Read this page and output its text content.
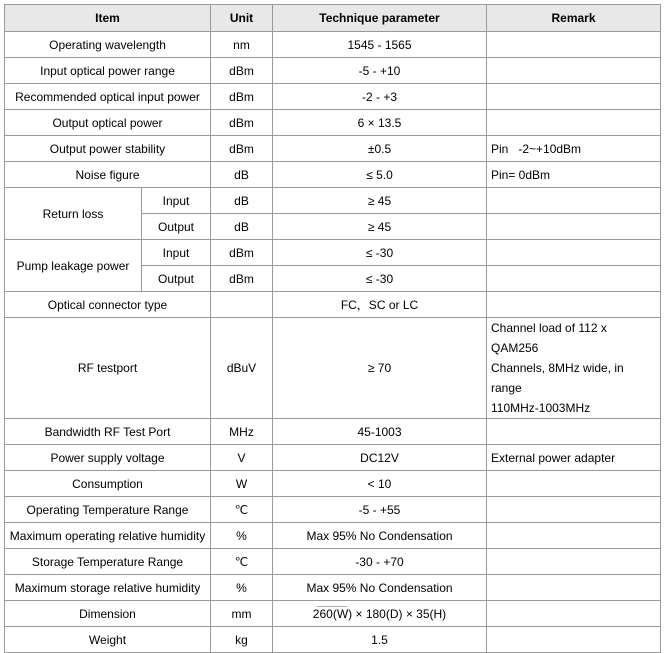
Item		Unit	Technique parameter	Remark
Operating wavelength		nm	1545 - 1565	
Input optical power range		dBm	-5 - +10	
Recommended optical input power		dBm	-2 - +3	
Output optical power		dBm	6 × 13.5	
Output power stability		dBm	±0.5	Pin   -2~+10dBm
Noise figure		dB	≤ 5.0	Pin= 0dBm
Return loss	Input	dB	≥ 45	
	Output	dB	≥ 45	
Pump leakage power	Input	dBm	≤ -30	
	Output	dBm	≤ -30	
Optical connector type			FC，SC or LC	
RF testport		dBuV	≥ 70	Channel load of 112 x QAM256
Channels, 8MHz wide, in range
110MHz-1003MHz

Bandwidth RF Test Port		MHz	45-1003	
Power supply voltage		V	DC12V	External power adapter
Consumption		W	< 10	
Operating Temperature Range		℃	-5 - +55	
Maximum operating relative humidity		%	Max 95% No Condensation	
Storage Temperature Range		℃	-30 - +70	
Maximum storage relative humidity		%	Max 95% No Condensation	
Dimension		mm	260(W) × 180(D) × 35(H)	
Weight		kg	1.5	
